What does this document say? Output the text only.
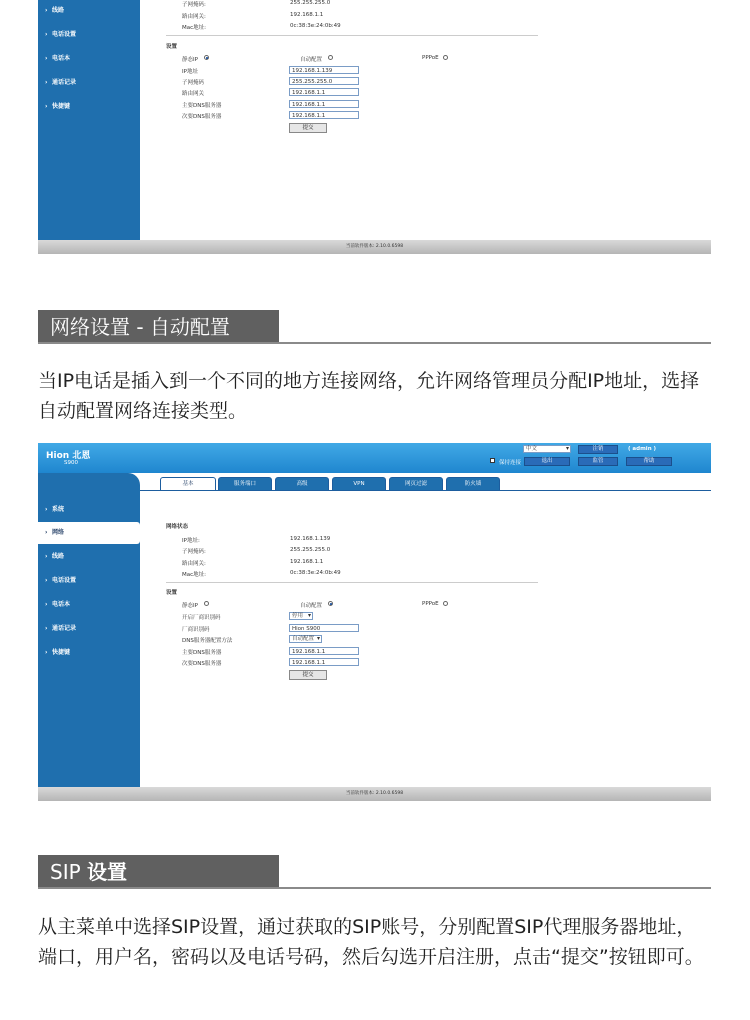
› 线路
› 电话设置
› 电话本
› 通话记录
› 快捷键
子网掩码:	255.255.255.0
路由网关:	192.168.1.1
Mac地址:	0c:38:3e:24:0b:49
设置
静态IP	自动配置	PPPoE
IP地址	192.168.1.139
子网掩码	255.255.255.0
路由网关	192.168.1.1
主要DNS服务器	192.168.1.1
次要DNS服务器	192.168.1.1
提交
当前软件版本: 2.10.0.6598
网络设置 - 自动配置
当IP电话是插入到一个不同的地方连接网络，允许网络管理员分配IP地址，选择自动配置网络连接类型。
Hion 北恩
S900
中文 ▾	注销	( admin )
保持连接	退出	监管	帮助
基本	服务端口	高级	VPN	网页过滤	防火墙
› 系统
› 网络
› 线路
› 电话设置
› 电话本
› 通话记录
› 快捷键
网络状态
IP地址:	192.168.1.139
子网掩码:	255.255.255.0
路由网关:	192.168.1.1
Mac地址:	0c:38:3e:24:0b:49
设置
静态IP	自动配置	PPPoE
开启厂商识别码	停用 ▾
厂商识别码	Hion S900
DNS服务器配置方法	自动配置 ▾
主要DNS服务器	192.168.1.1
次要DNS服务器	192.168.1.1
提交
当前软件版本: 2.10.0.6598
SIP 设置
从主菜单中选择SIP设置，通过获取的SIP账号，分别配置SIP代理服务器地址，端口，用户名，密码以及电话号码，然后勾选开启注册，点击“提交”按钮即可。
